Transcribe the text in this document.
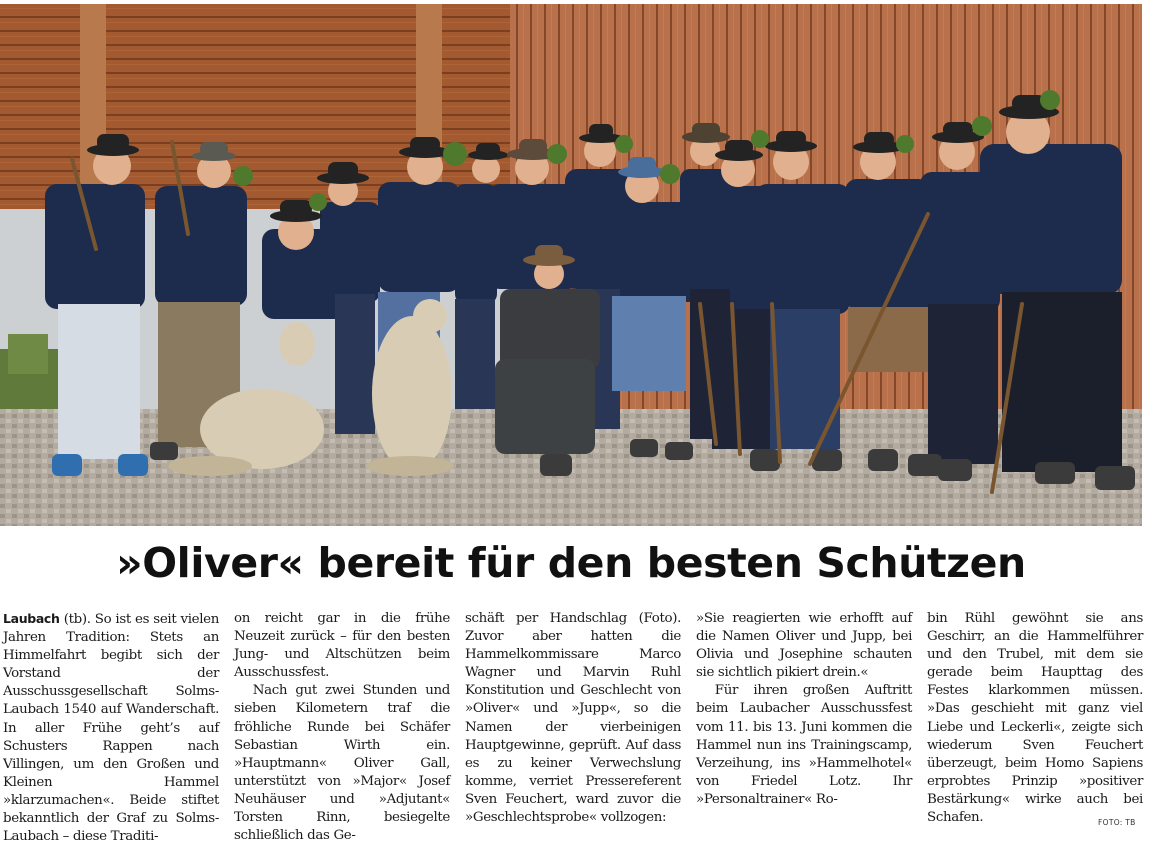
»Oliver« bereit für den besten Schützen

Laubach (tb). So ist es seit vielen Jahren Tradition: Stets an Himmelfahrt begibt sich der Vorstand der Ausschussgesellschaft Solms-Laubach 1540 auf Wanderschaft. In aller Frühe geht’s auf Schusters Rappen nach Villingen, um den Großen und Kleinen Hammel »klarzumachen«. Beide stiftet bekanntlich der Graf zu Solms-Laubach – diese Traditi-

on reicht gar in die frühe Neuzeit zurück – für den besten Jung- und Altschützen beim Ausschussfest.

Nach gut zwei Stunden und sieben Kilometern traf die fröhliche Runde bei Schäfer Sebastian Wirth ein. »Hauptmann« Oliver Gall, unterstützt von »Major« Josef Neuhäuser und »Adjutant« Torsten Rinn, besiegelte schließlich das Ge-

schäft per Handschlag (Foto). Zuvor aber hatten die Hammelkommissare Marco Wagner und Marvin Ruhl Konstitution und Geschlecht von »Oliver« und »Jupp«, so die Namen der vierbeinigen Hauptgewinne, geprüft. Auf dass es zu keiner Verwechslung komme, verriet Pressereferent Sven Feuchert, ward zuvor die »Geschlechtsprobe« vollzogen:

»Sie reagierten wie erhofft auf die Namen Oliver und Jupp, bei Olivia und Josephine schauten sie sichtlich pikiert drein.«

Für ihren großen Auftritt beim Laubacher Ausschussfest vom 11. bis 13. Juni kommen die Hammel nun ins Trainingscamp, Verzeihung, ins »Hammelhotel« von Friedel Lotz. Ihr »Personaltrainer« Ro-

bin Rühl gewöhnt sie ans Geschirr, an die Hammelführer und den Trubel, mit dem sie gerade beim Haupttag des Festes klarkommen müssen. »Das geschieht mit ganz viel Liebe und Leckerli«, zeigte sich wiederum Sven Feuchert überzeugt, beim Homo Sapiens erprobtes Prinzip »positiver Bestärkung« wirke auch bei Schafen.	FOTO: TB
